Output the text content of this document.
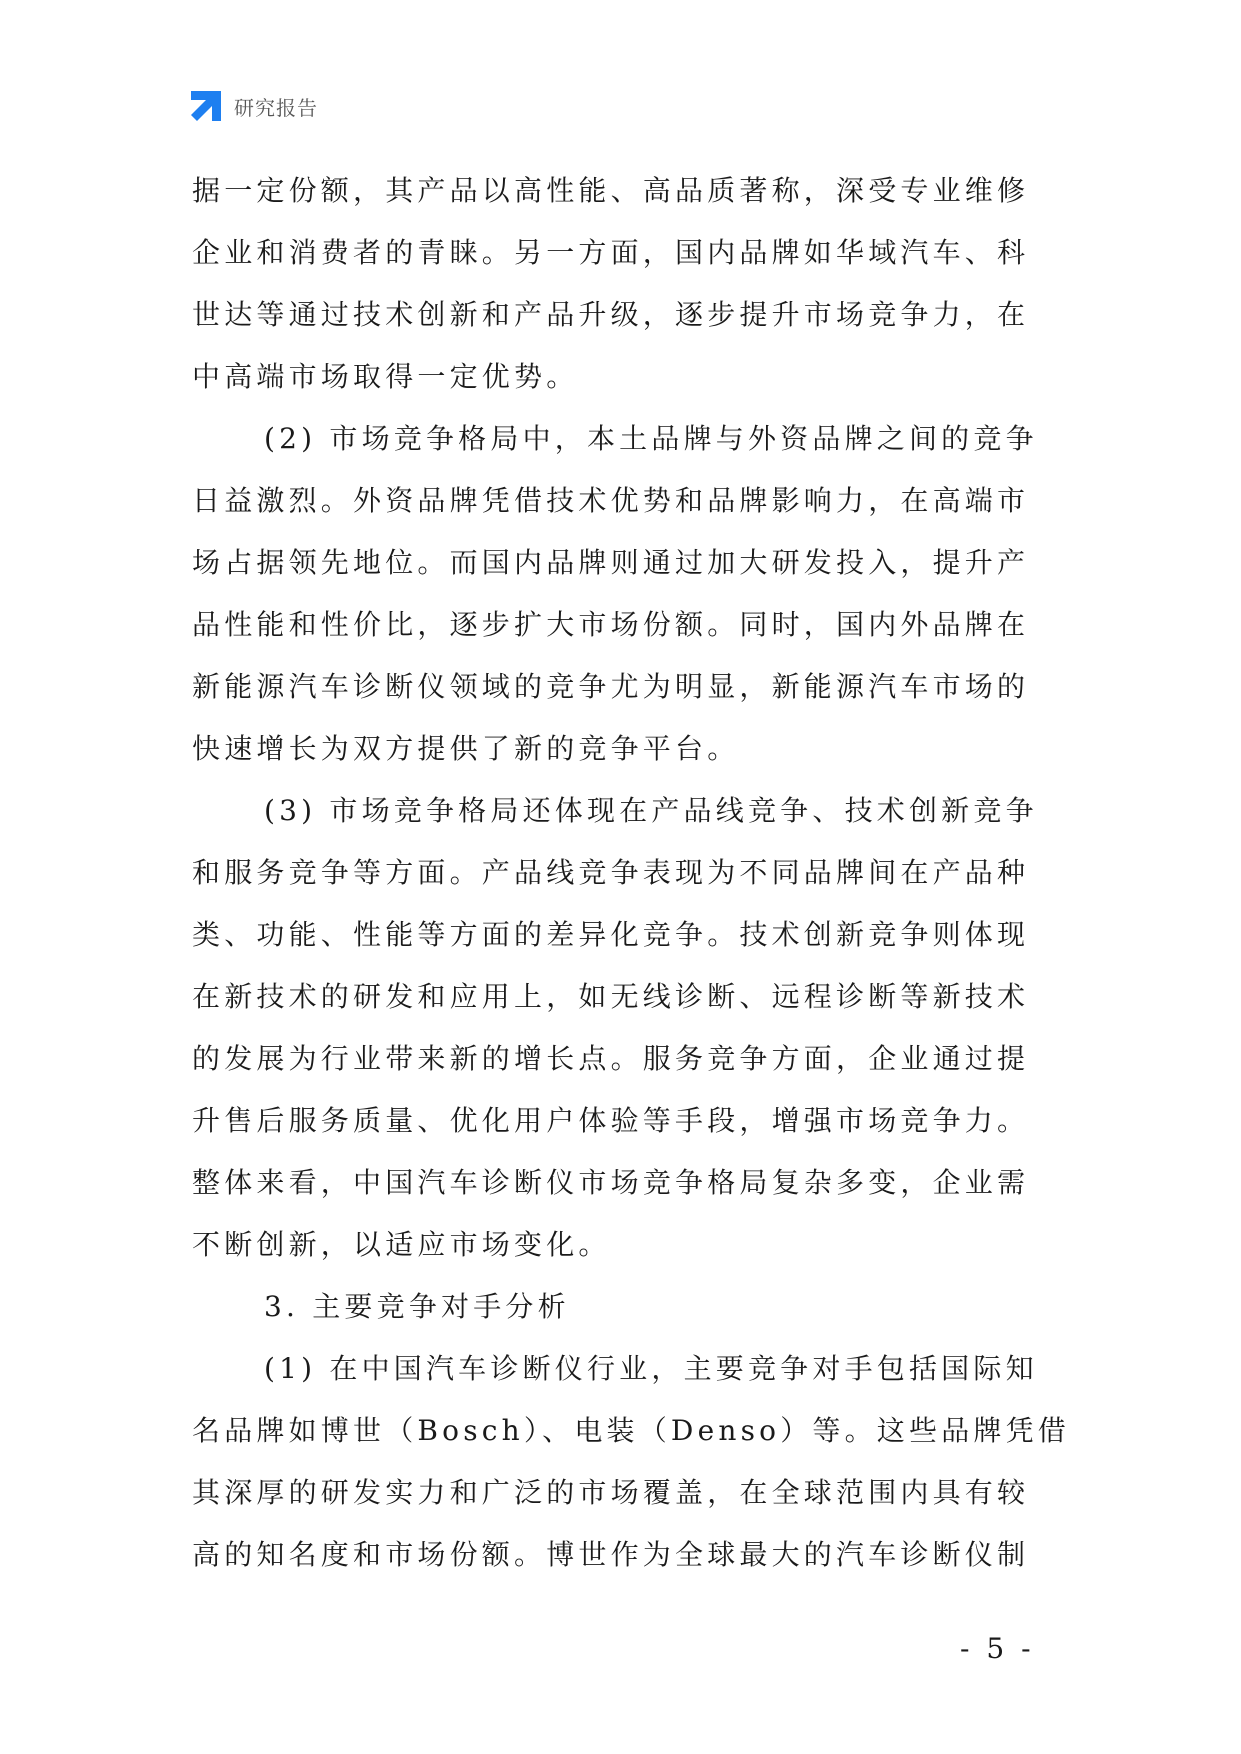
研究报告
据一定份额，其产品以高性能、高品质著称，深受专业维修
企业和消费者的青睐。另一方面，国内品牌如华域汽车、科
世达等通过技术创新和产品升级，逐步提升市场竞争力，在
中高端市场取得一定优势。
(2) 市场竞争格局中，本土品牌与外资品牌之间的竞争
日益激烈。外资品牌凭借技术优势和品牌影响力，在高端市
场占据领先地位。而国内品牌则通过加大研发投入，提升产
品性能和性价比，逐步扩大市场份额。同时，国内外品牌在
新能源汽车诊断仪领域的竞争尤为明显，新能源汽车市场的
快速增长为双方提供了新的竞争平台。
(3) 市场竞争格局还体现在产品线竞争、技术创新竞争
和服务竞争等方面。产品线竞争表现为不同品牌间在产品种
类、功能、性能等方面的差异化竞争。技术创新竞争则体现
在新技术的研发和应用上，如无线诊断、远程诊断等新技术
的发展为行业带来新的增长点。服务竞争方面，企业通过提
升售后服务质量、优化用户体验等手段，增强市场竞争力。
整体来看，中国汽车诊断仪市场竞争格局复杂多变，企业需
不断创新，以适应市场变化。
3. 主要竞争对手分析
(1) 在中国汽车诊断仪行业，主要竞争对手包括国际知
名品牌如博世（Bosch）、电装（Denso）等。这些品牌凭借
其深厚的研发实力和广泛的市场覆盖，在全球范围内具有较
高的知名度和市场份额。博世作为全球最大的汽车诊断仪制
- 5 -
